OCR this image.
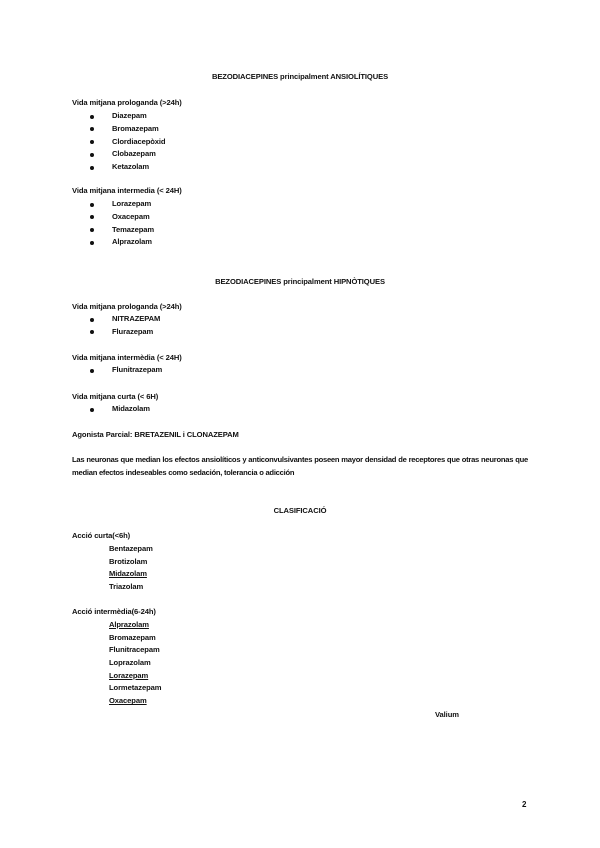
BEZODIACEPINES principalment ANSIOLÍTIQUES
Vida mitjana prologanda (>24h)
Diazepam
Bromazepam
Clordiacepòxid
Clobazepam
Ketazolam
Vida mitjana intermedia (< 24H)
Lorazepam
Oxacepam
Temazepam
Alprazolam
BEZODIACEPINES principalment HIPNÒTIQUES
Vida mitjana prologanda (>24h)
NITRAZEPAM
Flurazepam
Vida mitjana intermèdia (< 24H)
Flunitrazepam
Vida mitjana curta (< 6H)
Midazolam
Agonista Parcial: BRETAZENIL i CLONAZEPAM
Las neuronas que median los efectos ansiolíticos y anticonvulsivantes poseen mayor densidad de receptores que otras neuronas que median efectos indeseables como sedación, tolerancia o adicción
CLASIFICACIÓ
Acció curta(<6h)
Bentazepam
Brotizolam
Midazolam
Triazolam
Acció intermèdia(6-24h)
Alprazolam
Bromazepam
Flunitracepam
Loprazolam
Lorazepam
Lormetazepam
Oxacepam
Valium
2
